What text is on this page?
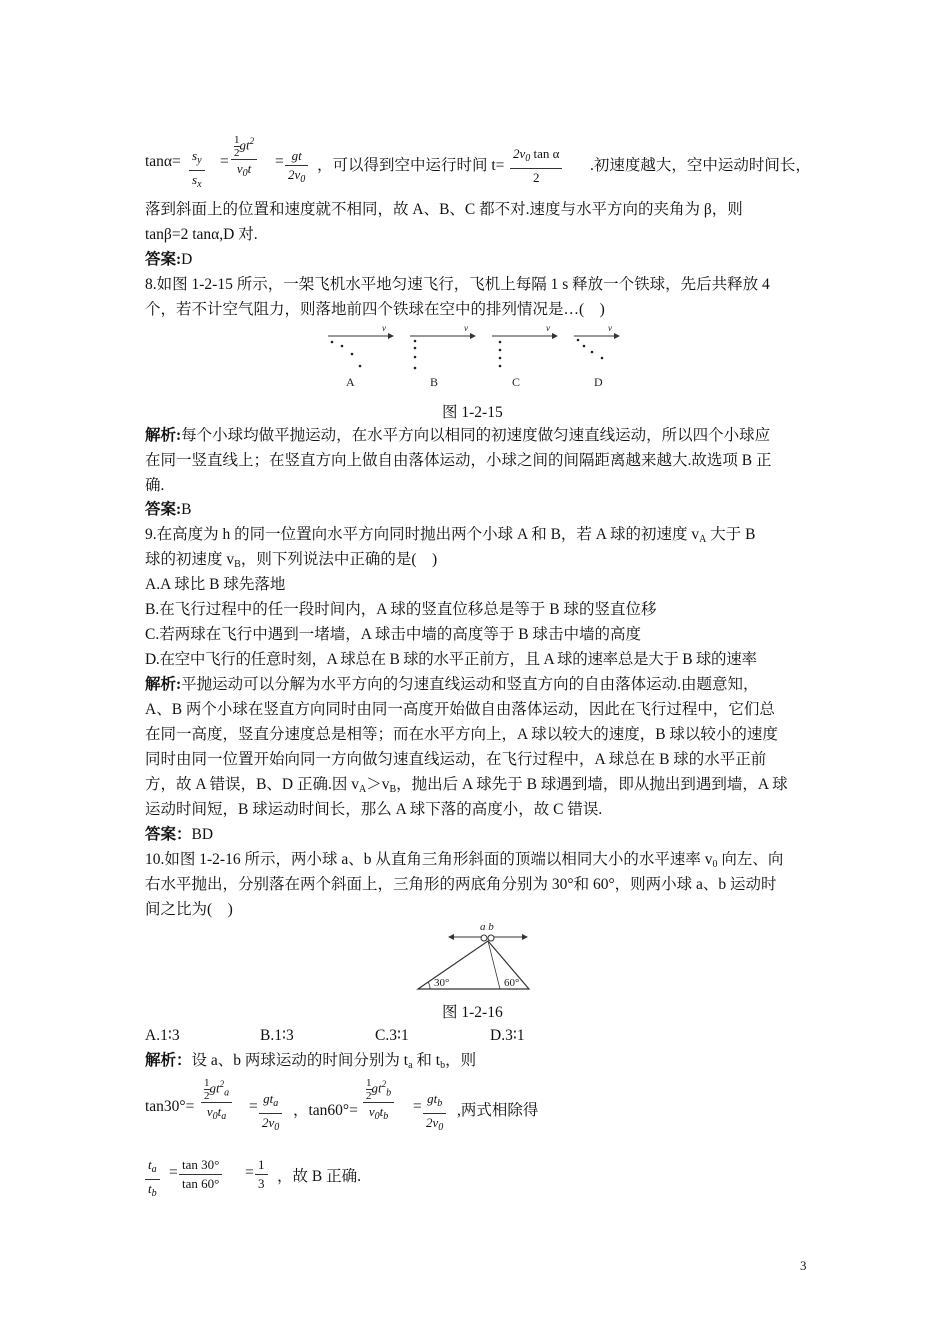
$\tan\alpha= \frac{s_y}{s_x} = \frac{\frac{1}{2} gt^2}{v_0t} = \frac{gt}{2v_0}$ ，可以得到空中运行时间 $t= \frac{2v_0 \tan \alpha}{2}$ .初速度越大，空中运动时间长，
落到斜面上的位置和速度就不相同，故 A、B、C 都不对.速度与水平方向的夹角为 β，则
tanβ=2 tanα,D 对.
答案:D
8.如图 1-2-15 所示，一架飞机水平地匀速飞行，飞机上每隔 1 s 释放一个铁球，先后共释放 4
个，若不计空气阻力，则落地前四个铁球在空中的排列情况是…(　)
v
A
v
B
v
C
v
D
图 1-2-15
解析:每个小球均做平抛运动，在水平方向以相同的初速度做匀速直线运动，所以四个小球应
在同一竖直线上；在竖直方向上做自由落体运动，小球之间的间隔距离越来越大.故选项 B 正
确.
答案:B
9.在高度为 h 的同一位置向水平方向同时抛出两个小球 A 和 B，若 A 球的初速度 $v_A$ 大于 B
球的初速度 $v_B$，则下列说法中正确的是(　)
A.A 球比 B 球先落地
B.在飞行过程中的任一段时间内，A 球的竖直位移总是等于 B 球的竖直位移
C.若两球在飞行中遇到一堵墙，A 球击中墙的高度等于 B 球击中墙的高度
D.在空中飞行的任意时刻，A 球总在 B 球的水平正前方，且 A 球的速率总是大于 B 球的速率
解析:平抛运动可以分解为水平方向的匀速直线运动和竖直方向的自由落体运动.由题意知，
A、B 两个小球在竖直方向同时由同一高度开始做自由落体运动，因此在飞行过程中，它们总
在同一高度，竖直分速度总是相等；而在水平方向上，A 球以较大的速度，B 球以较小的速度
同时由同一位置开始向同一方向做匀速直线运动，在飞行过程中，A 球总在 B 球的水平正前
方，故 A 错误，B、D 正确.因 $v_A>v_B$，抛出后 A 球先于 B 球遇到墙，即从抛出到遇到墙，A 球
运动时间短，B 球运动时间长，那么 A 球下落的高度小，故 C 错误.
答案：BD
10.如图 1-2-16 所示，两小球 a、b 从直角三角形斜面的顶端以相同大小的水平速率 $v_0$ 向左、向
右水平抛出，分别落在两个斜面上，三角形的两底角分别为 30°和 60°，则两小球 a、b 运动时
间之比为(　)
a b
30°	60°
图 1-2-16
A.1∶3	B.1∶3	C.3∶1	D.3∶1
解析：设 a、b 两球运动的时间分别为 $t_a$ 和 $t_b$，则
$\tan 30^\circ= \frac{\frac{1}{2} gt^2_a}{v_0t_a} = gt_a$
$2v_0$
，$\tan 60^\circ= \frac{\frac{1}{2} gt^2_b}{v_0t_b} = gt_b$
$2v_0$
,两式相除得
$\frac{t_a}{t_b} = \frac{\tan 30^\circ}{\tan 60^\circ} = \frac{1}{3}$ ，故 B 正确.
3
